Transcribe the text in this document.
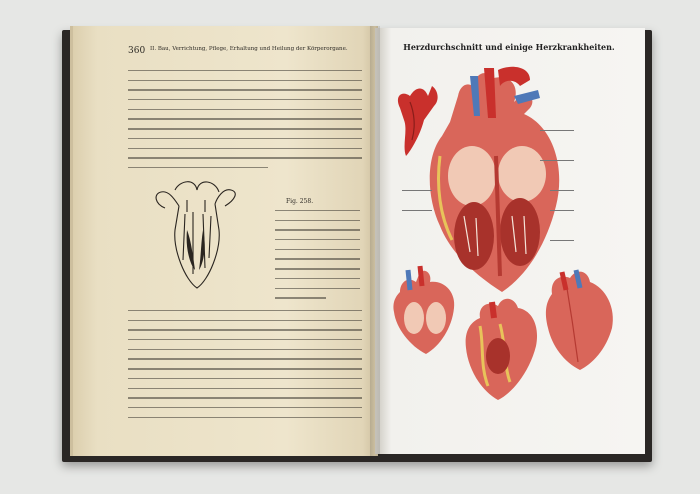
360 II. Bau, Verrichtung, Pflege, Erhaltung und Heilung der Körperorgane.
Fig. 258.
Herzdurchschnitt und einige Herzkrankheiten.
